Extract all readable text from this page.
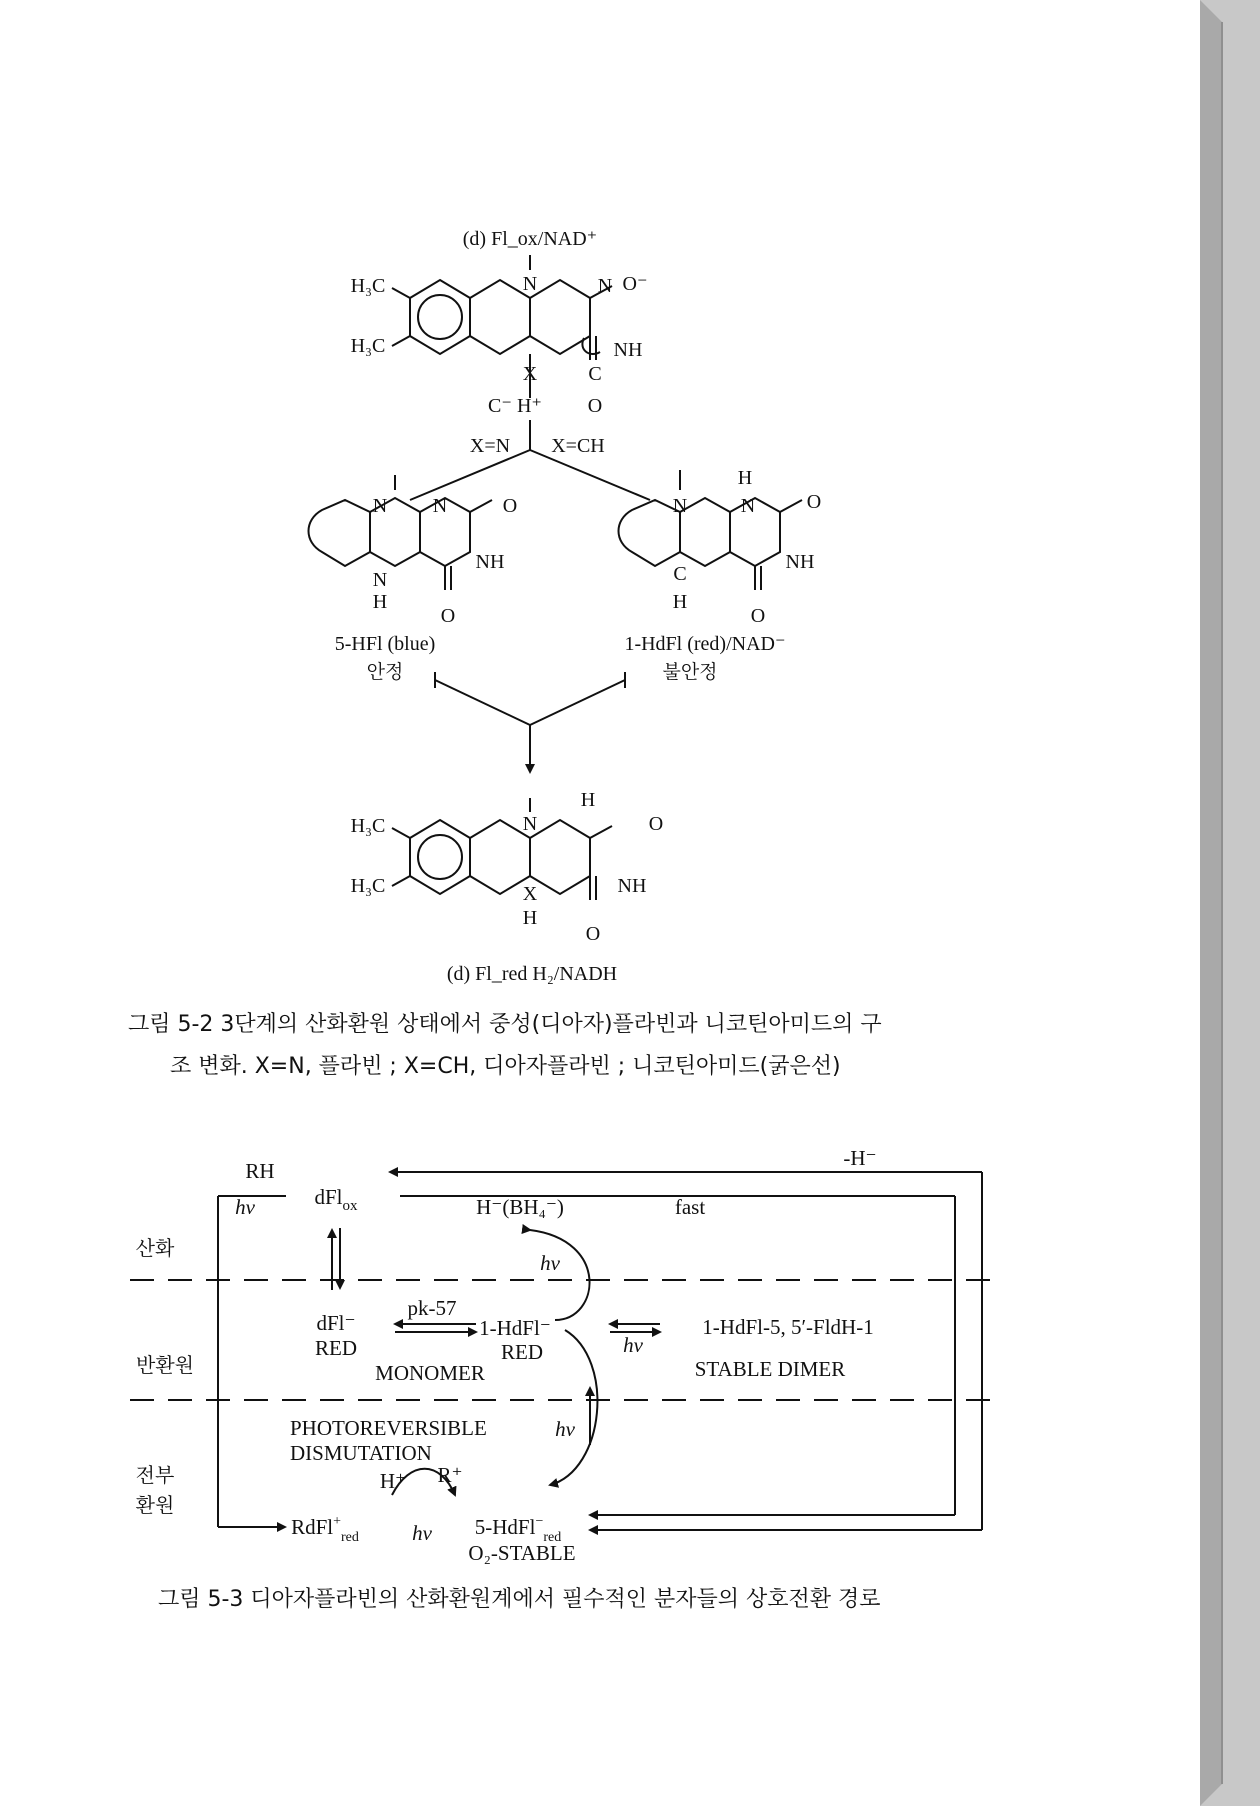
(d) Fl_ox/NAD⁺
H₃C
H₃C
N	N O⁻
NH
X	C
O
C⁻ H⁺
X=N X=CH
N N	O
NH
N
H
O
N
H
N	O
NH
C
H
O
5-HFl (blue)
안정
1-HdFl (red)/NAD⁻
불안정
H₃C
H₃C
N
H
O
NH
X
H
O
(d) Fl_red H₂/NADH
그림 5-2 3단계의 산화환원 상태에서 중성(디아자)플라빈과 니코틴아미드의 구
조 변화. X=N, 플라빈 ; X=CH, 디아자플라빈 ; 니코틴아미드(굵은선)
-H⁻
RH
hν	dFl$_{ox}$	H⁻(BH₄⁻)	fast
산화
hν
pk-57
dFl⁻
RED
1-HdFl⁻
RED
1-HdFl-5, 5′-FldH-1
hν
반환원	MONOMER	STABLE DIMER
PHOTOREVERSIBLE
DISMUTATION
hν
전부
환원
H⁺ R⁺
RdFl+$_{red}$	hν 5-HdFl−$_{red}$
O₂-STABLE
그림 5-3 디아자플라빈의 산화환원계에서 필수적인 분자들의 상호전환 경로
